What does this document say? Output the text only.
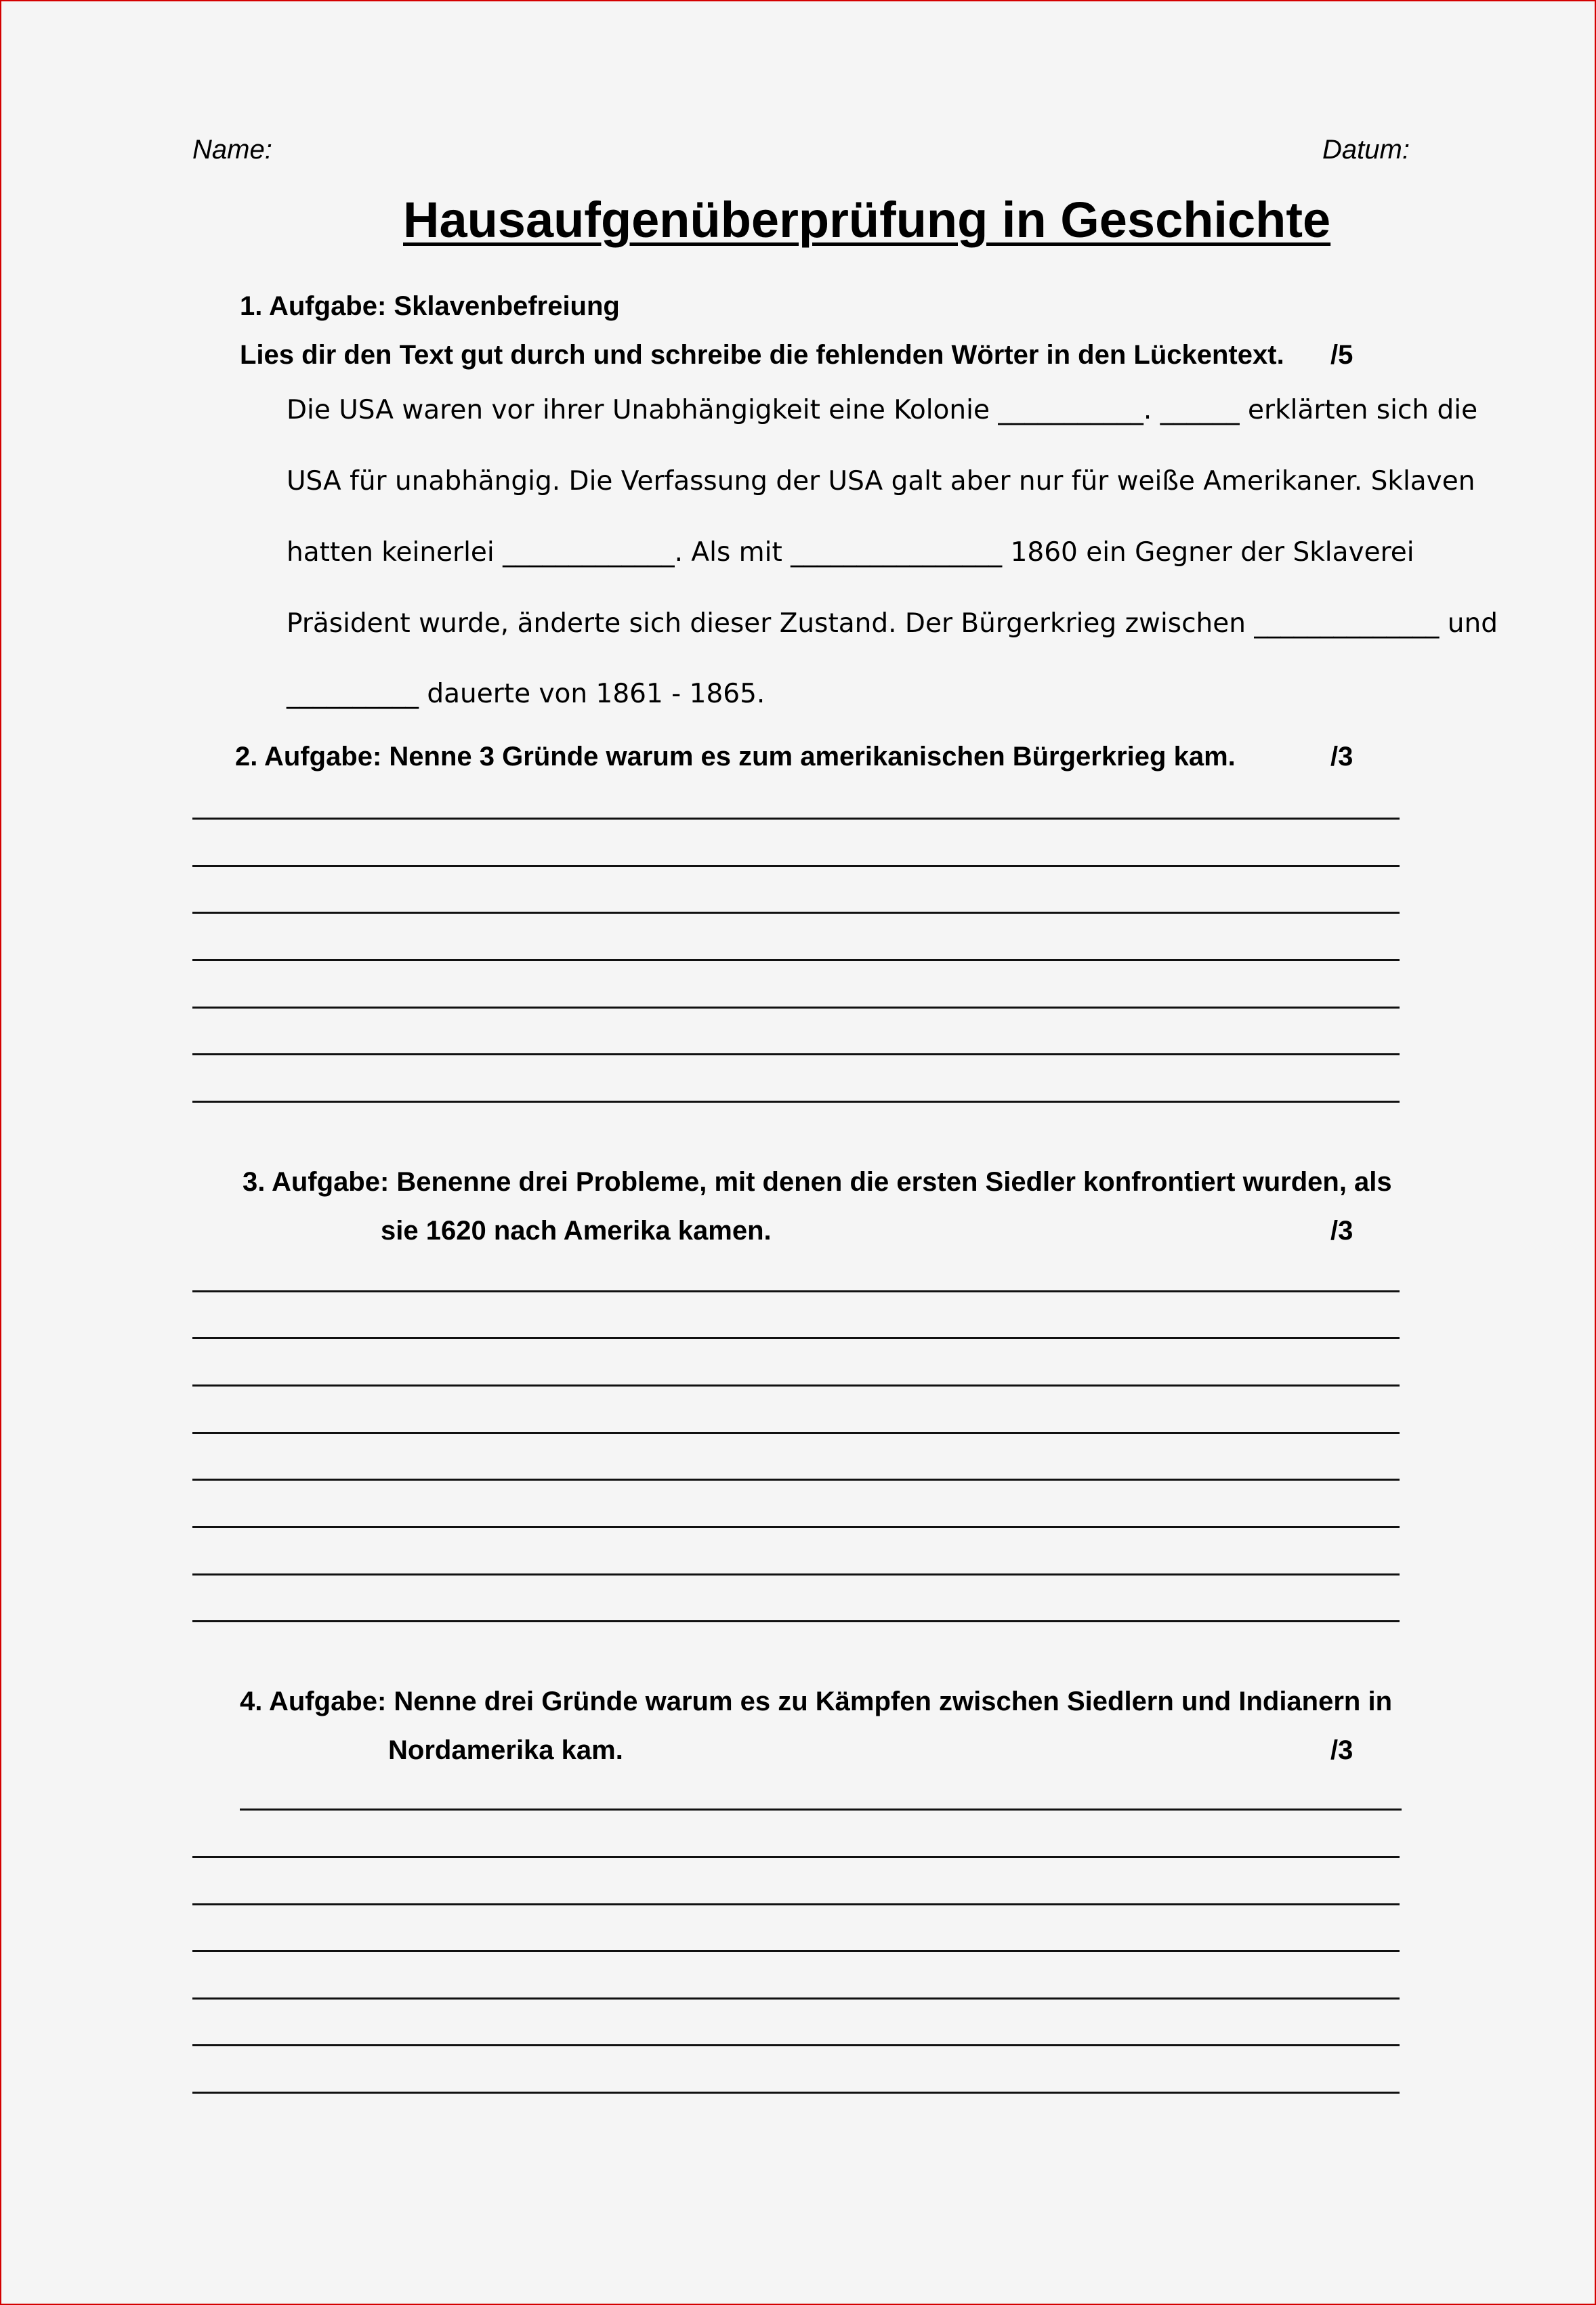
Name:	Datum:
Hausaufgenüberprüfung in Geschichte
1. Aufgabe: Sklavenbefreiung
Lies dir den Text gut durch und schreibe die fehlenden Wörter in den Lückentext. /5
Die USA waren vor ihrer Unabhängigkeit eine Kolonie ___________. ______ erklärten sich die
USA für unabhängig. Die Verfassung der USA galt aber nur für weiße Amerikaner. Sklaven
hatten keinerlei _____________. Als mit ________________ 1860 ein Gegner der Sklaverei
Präsident wurde, änderte sich dieser Zustand. Der Bürgerkrieg zwischen ______________ und
__________ dauerte von 1861 - 1865.
2. Aufgabe: Nenne 3 Gründe warum es zum amerikanischen Bürgerkrieg kam.	/3
3. Aufgabe: Benenne drei Probleme, mit denen die ersten Siedler konfrontiert wurden, als
sie 1620 nach Amerika kamen.	/3
4. Aufgabe: Nenne drei Gründe warum es zu Kämpfen zwischen Siedlern und Indianern in
Nordamerika kam.	/3
